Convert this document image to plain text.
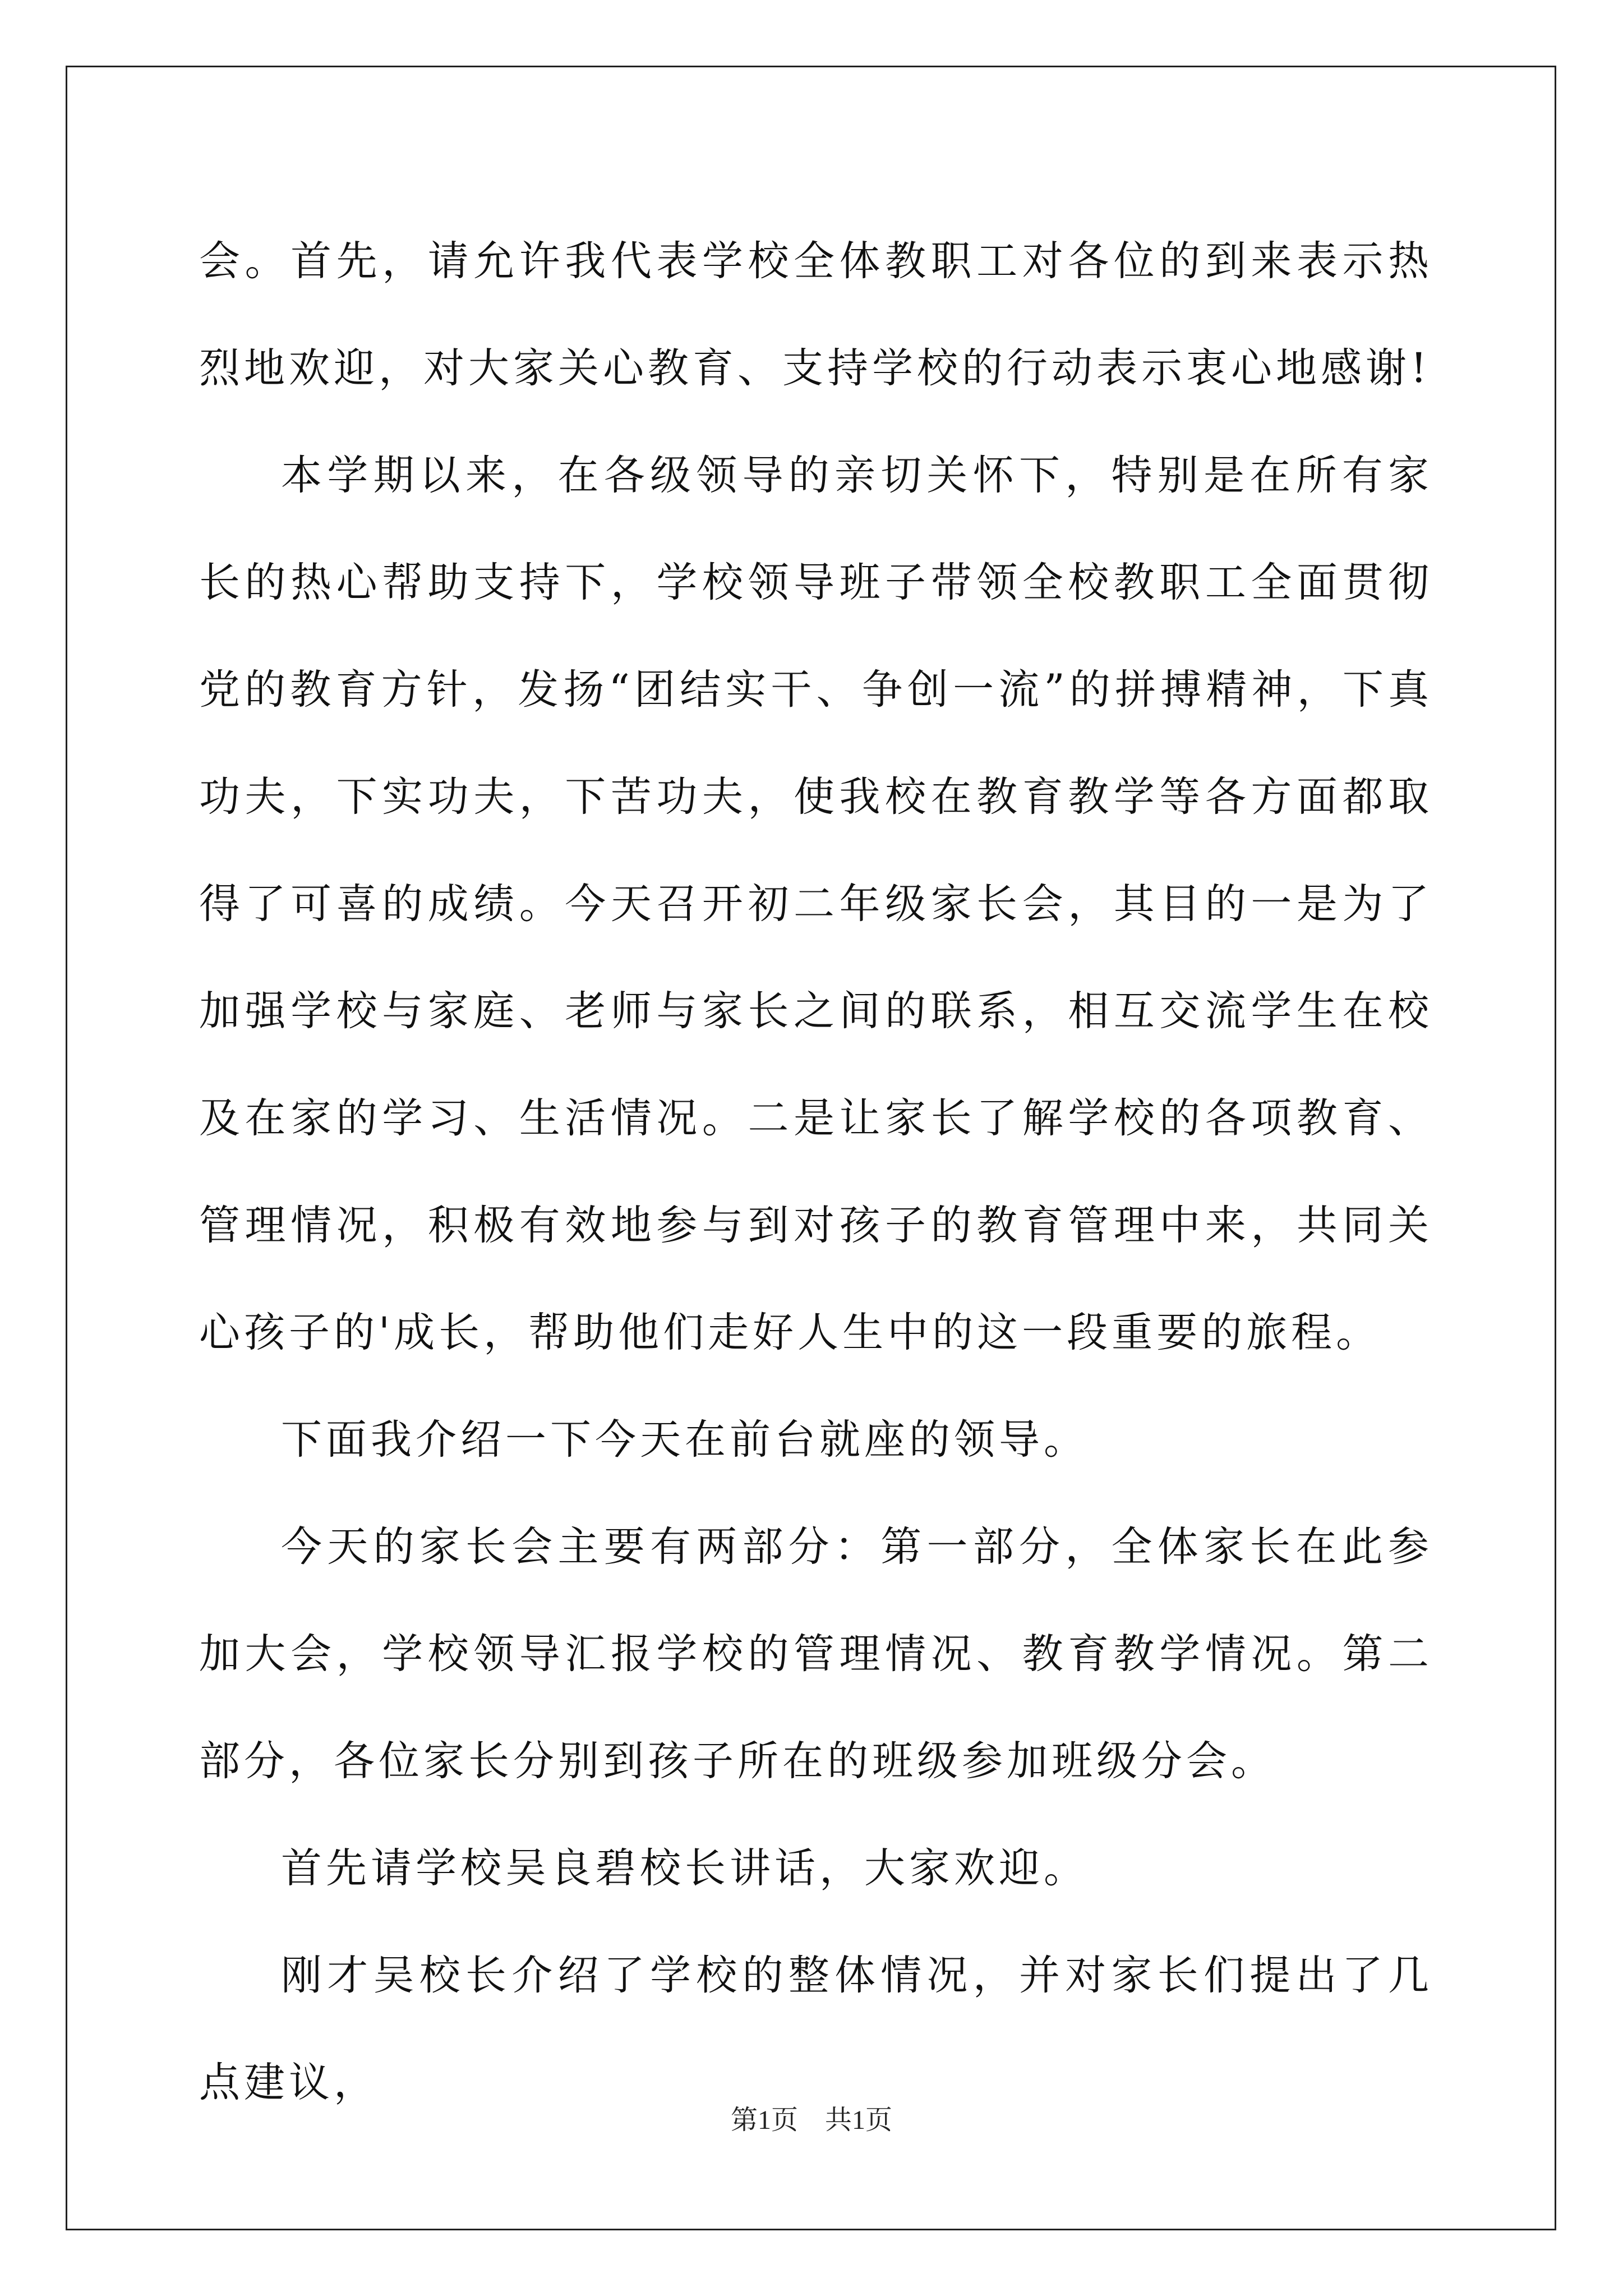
会。首先，请允许我代表学校全体教职工对各位的到来表示热烈地欢迎，对大家关心教育、支持学校的行动表示衷心地感谢!

本学期以来，在各级领导的亲切关怀下，特别是在所有家长的热心帮助支持下，学校领导班子带领全校教职工全面贯彻党的教育方针，发扬“团结实干、争创一流”的拼搏精神，下真功夫，下实功夫，下苦功夫，使我校在教育教学等各方面都取得了可喜的成绩。今天召开初二年级家长会，其目的一是为了加强学校与家庭、老师与家长之间的联系，相互交流学生在校及在家的学习、生活情况。二是让家长了解学校的各项教育、管理情况，积极有效地参与到对孩子的教育管理中来，共同关心孩子的'成长，帮助他们走好人生中的这一段重要的旅程。

下面我介绍一下今天在前台就座的领导。

今天的家长会主要有两部分：第一部分，全体家长在此参加大会，学校领导汇报学校的管理情况、教育教学情况。第二部分，各位家长分别到孩子所在的班级参加班级分会。

首先请学校吴良碧校长讲话，大家欢迎。

刚才吴校长介绍了学校的整体情况，并对家长们提出了几点建议，

第1页　共1页
